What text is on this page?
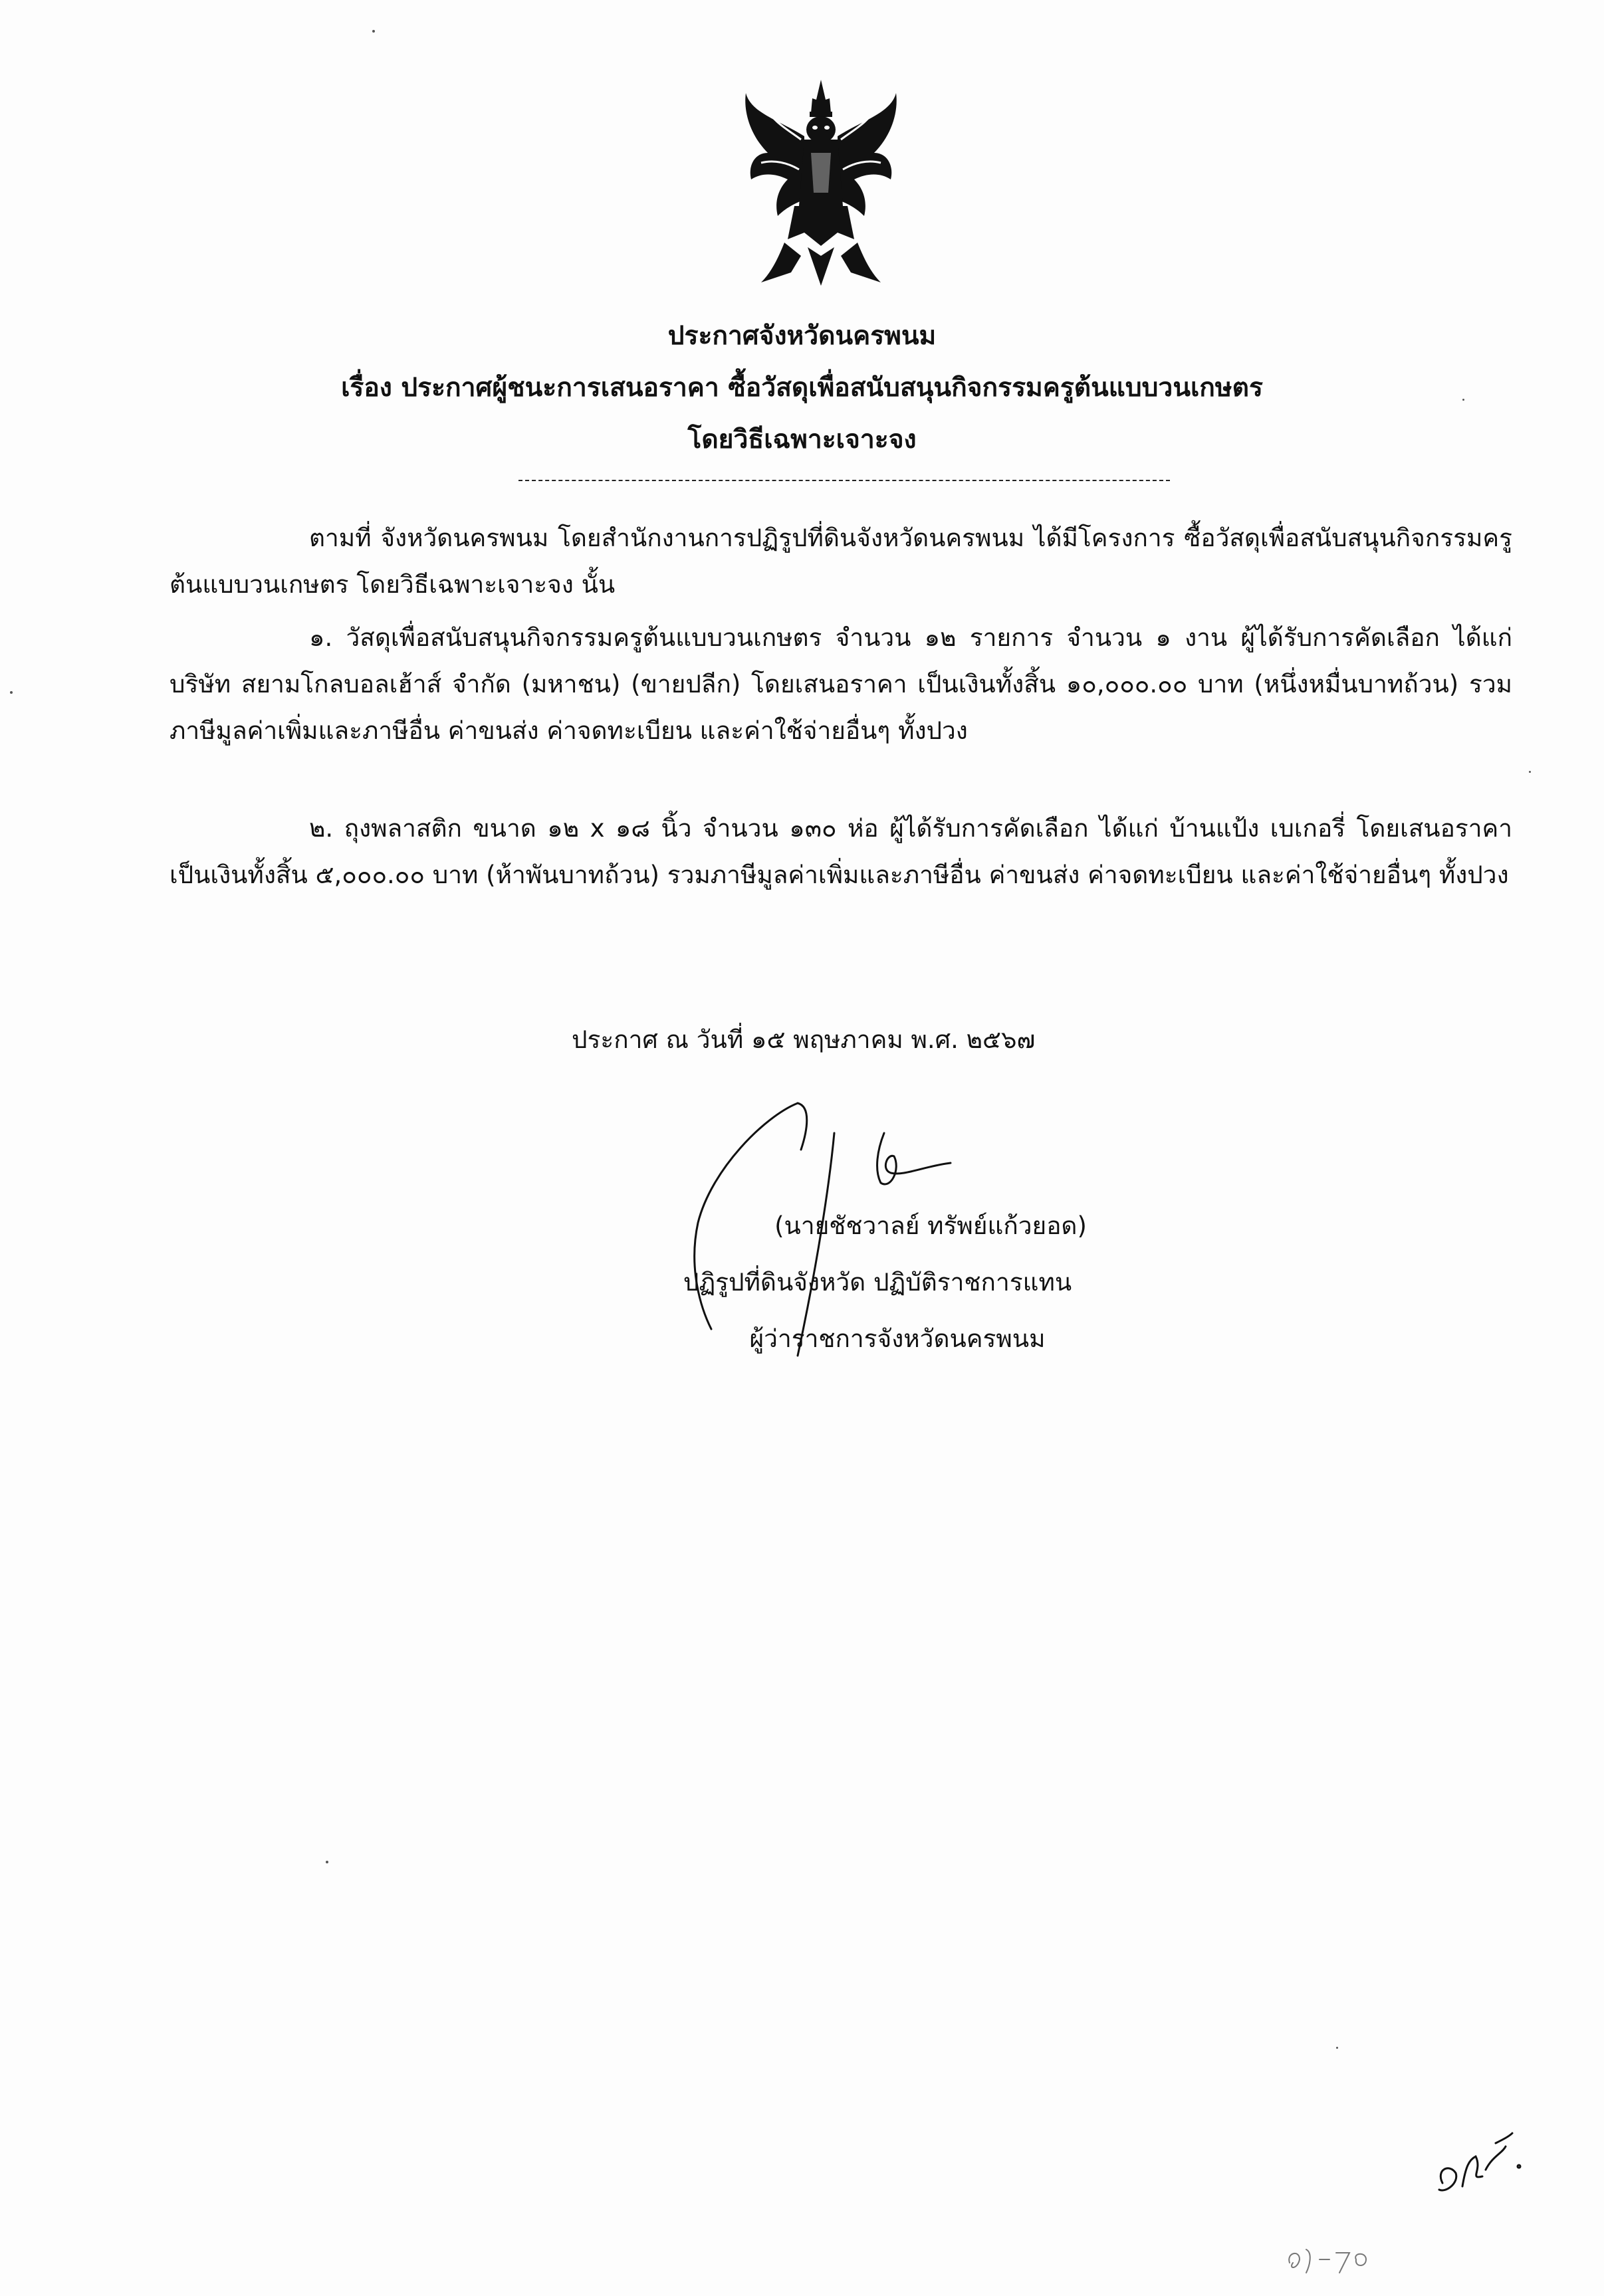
ประกาศจังหวัดนครพนม
เรื่อง ประกาศผู้ชนะการเสนอราคา ซื้อวัสดุเพื่อสนับสนุนกิจกรรมครูต้นแบบวนเกษตร
โดยวิธีเฉพาะเจาะจง
ตามที่ จังหวัดนครพนม โดยสำนักงานการปฏิรูปที่ดินจังหวัดนครพนม ได้มีโครงการ ซื้อวัสดุเพื่อสนับสนุนกิจกรรมครูต้นแบบวนเกษตร โดยวิธีเฉพาะเจาะจง นั้น
๑. วัสดุเพื่อสนับสนุนกิจกรรมครูต้นแบบวนเกษตร จำนวน ๑๒ รายการ จำนวน ๑ งาน ผู้ได้รับการคัดเลือก ได้แก่ บริษัท สยามโกลบอลเฮ้าส์ จำกัด (มหาชน) (ขายปลีก) โดยเสนอราคา เป็นเงินทั้งสิ้น ๑๐,๐๐๐.๐๐ บาท (หนึ่งหมื่นบาทถ้วน) รวมภาษีมูลค่าเพิ่มและภาษีอื่น ค่าขนส่ง ค่าจดทะเบียน และค่าใช้จ่ายอื่นๆ ทั้งปวง
๒. ถุงพลาสติก ขนาด ๑๒ x ๑๘ นิ้ว จำนวน ๑๓๐ ห่อ ผู้ได้รับการคัดเลือก ได้แก่ บ้านแป้ง เบเกอรี่ โดยเสนอราคา เป็นเงินทั้งสิ้น ๕,๐๐๐.๐๐ บาท (ห้าพันบาทถ้วน) รวมภาษีมูลค่าเพิ่มและภาษีอื่น ค่าขนส่ง ค่าจดทะเบียน และค่าใช้จ่ายอื่นๆ ทั้งปวง
ประกาศ ณ วันที่ ๑๕ พฤษภาคม พ.ศ. ๒๕๖๗
(นายชัชวาลย์ ทรัพย์แก้วยอด)
ปฏิรูปที่ดินจังหวัด ปฏิบัติราชการแทน
ผู้ว่าราชการจังหวัดนครพนม
